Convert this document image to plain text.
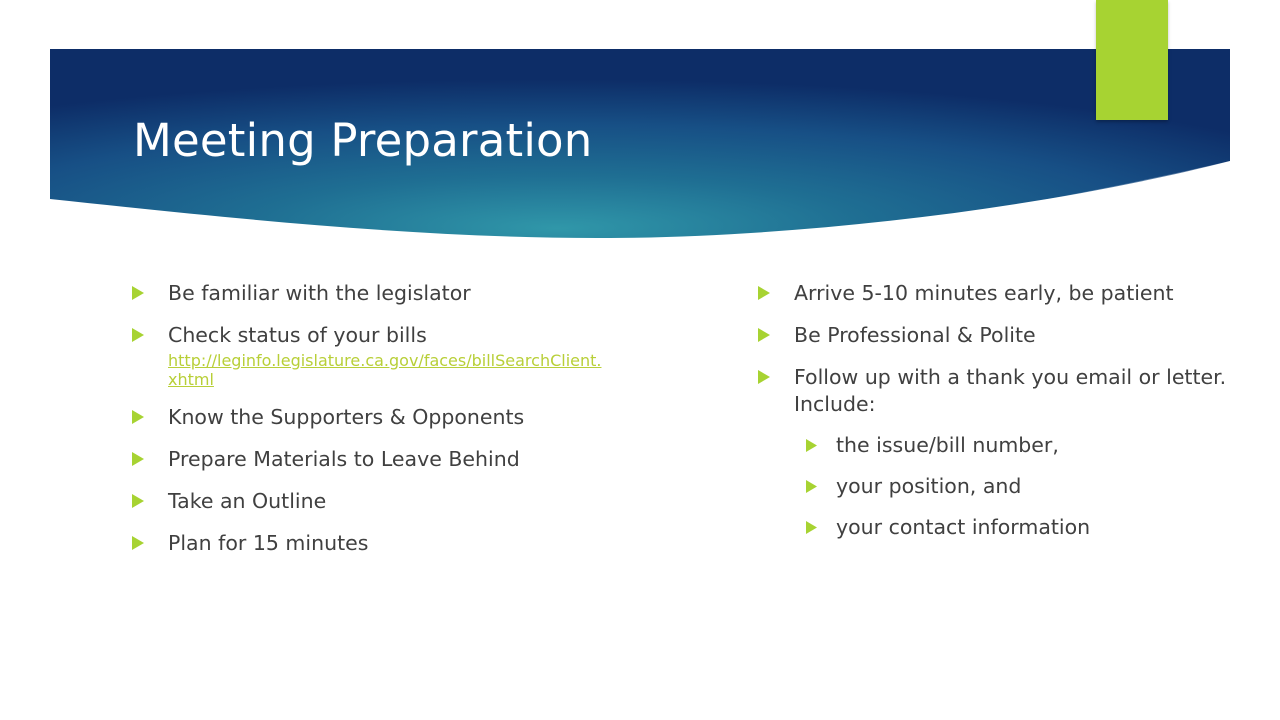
Meeting Preparation
Be familiar with the legislator
Check status of your bills
http://leginfo.legislature.ca.gov/faces/billSearchClient.xhtml
Know the Supporters & Opponents
Prepare Materials to Leave Behind
Take an Outline
Plan for 15 minutes
Arrive 5-10 minutes early, be patient
Be Professional & Polite
Follow up with a thank you email or letter. Include:
the issue/bill number,
your position, and
your contact information
